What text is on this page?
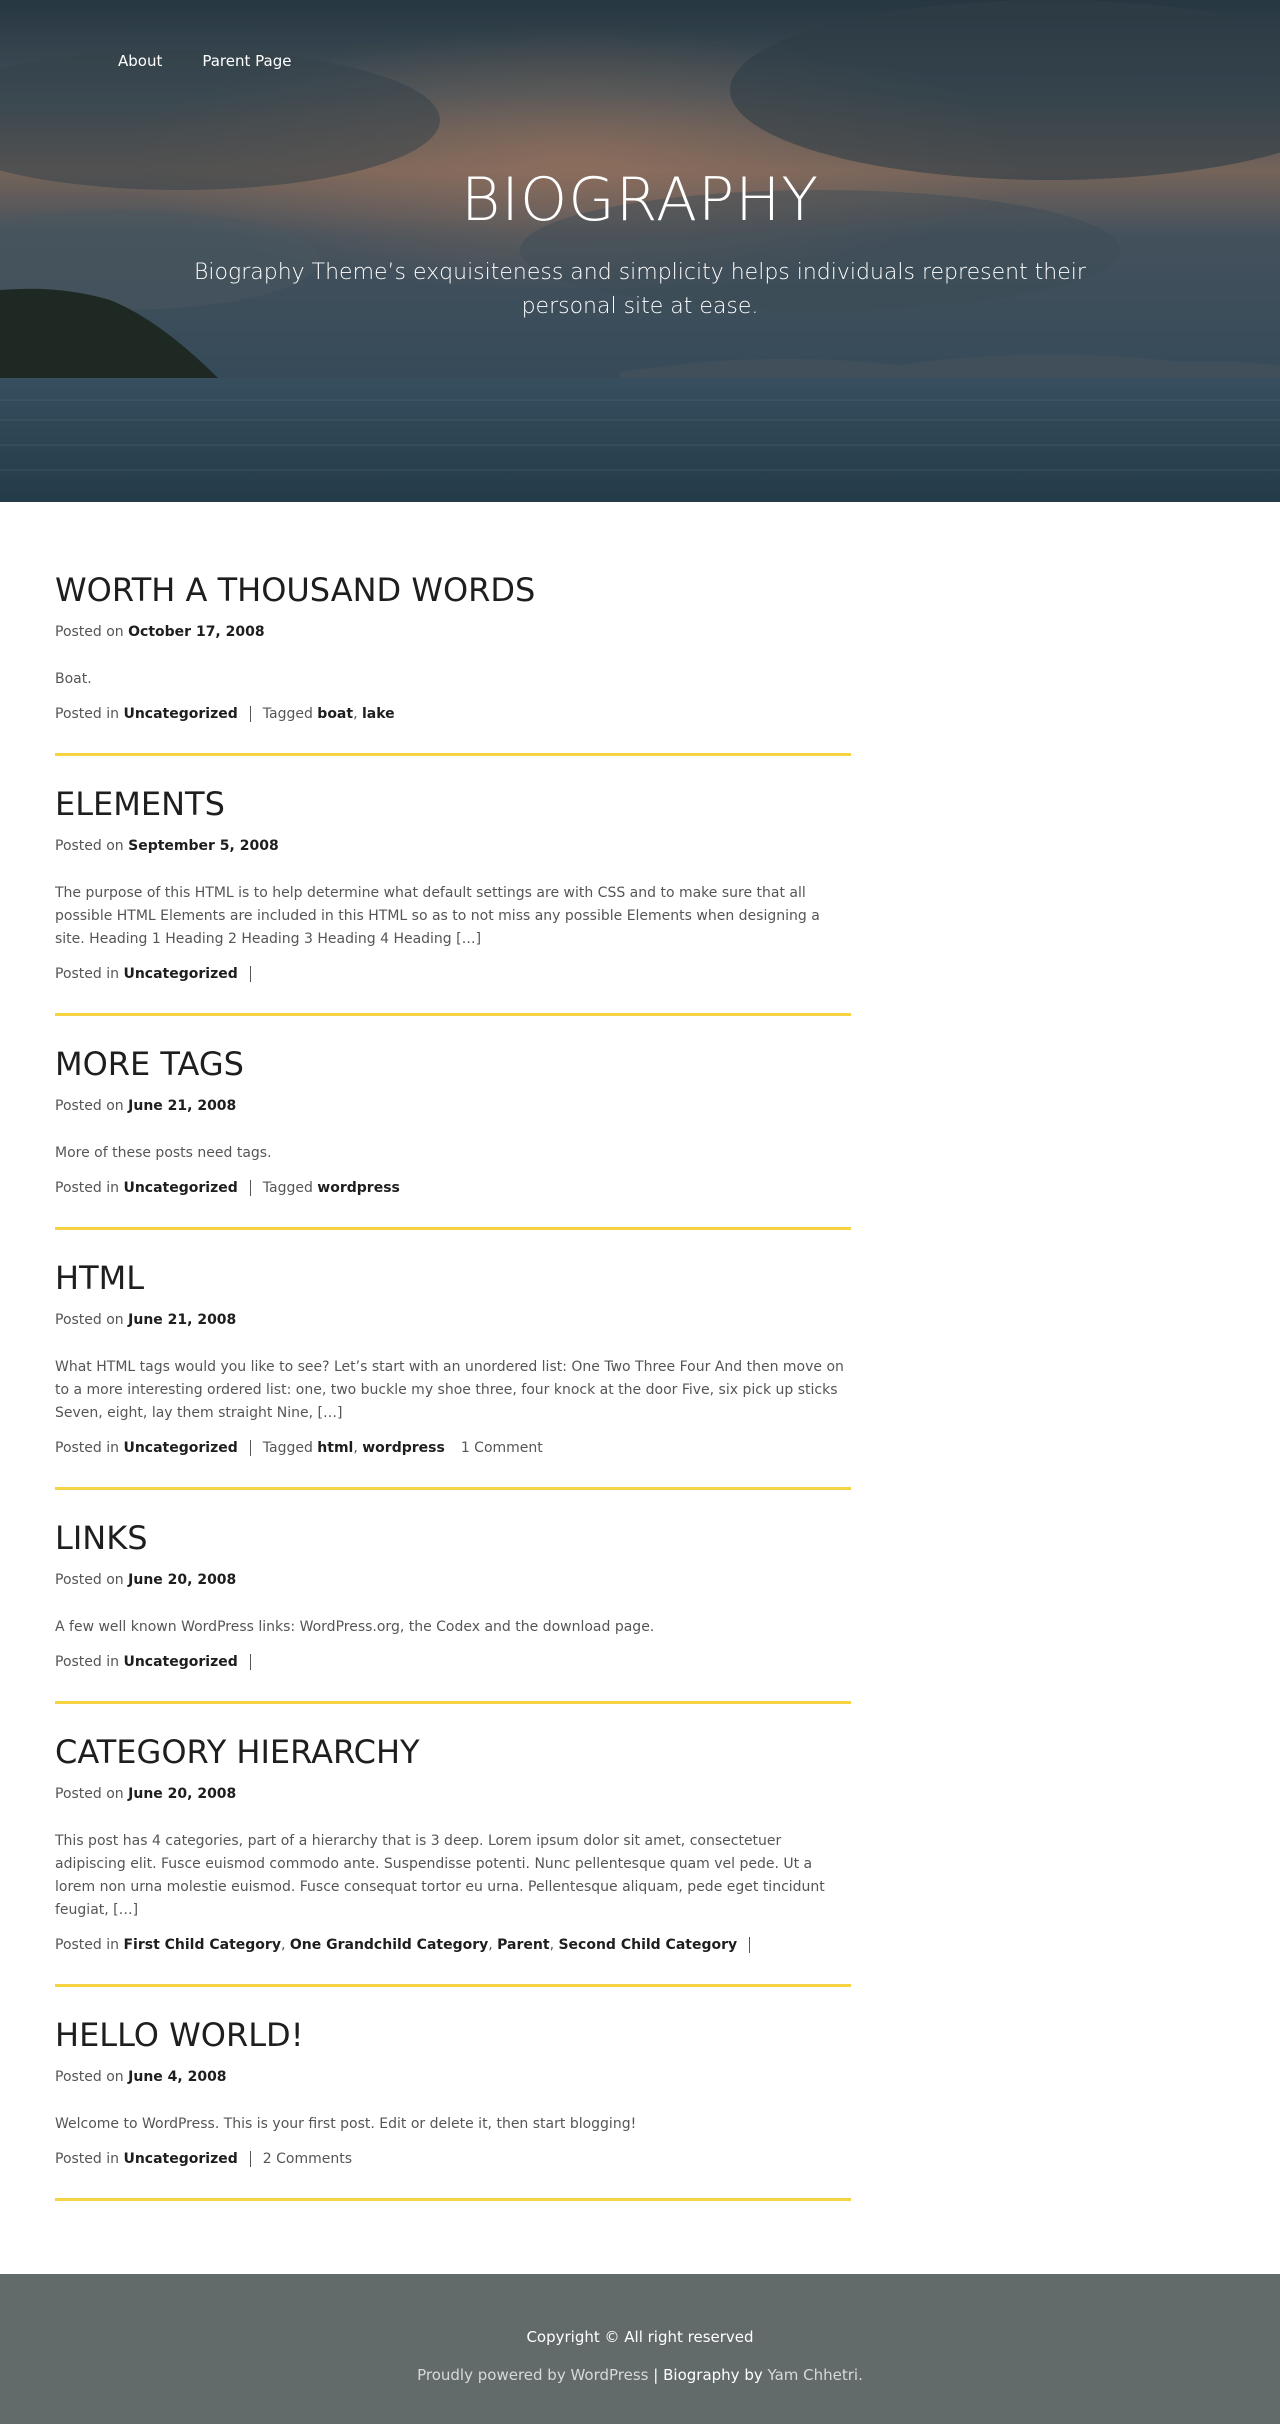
About	Parent Page
BIOGRAPHY

Biography Theme’s exquisiteness and simplicity helps individuals represent their personal site at ease.

WORTH A THOUSAND WORDS
Posted on October 17, 2008

Boat.

Posted in
Uncategorized Tagged
boat , lake
ELEMENTS
Posted on September 5, 2008

The purpose of this HTML is to help determine what default settings are with CSS and to make sure that all possible HTML Elements are included in this HTML so as to not miss any possible Elements when designing a site. Heading 1 Heading 2 Heading 3 Heading 4 Heading […]

Posted in
Uncategorized
MORE TAGS
Posted on June 21, 2008

More of these posts need tags.

Posted in
Uncategorized Tagged
wordpress
HTML
Posted on June 21, 2008

What HTML tags would you like to see? Let’s start with an unordered list: One Two Three Four And then move on to a more interesting ordered list: one, two buckle my shoe three, four knock at the door Five, six pick up sticks Seven, eight, lay them straight Nine, […]

Posted in
Uncategorized Tagged
html , wordpress 1 Comment
LINKS
Posted on June 20, 2008

A few well known WordPress links: WordPress.org, the Codex and the download page.

Posted in
Uncategorized
CATEGORY HIERARCHY
Posted on June 20, 2008

This post has 4 categories, part of a hierarchy that is 3 deep. Lorem ipsum dolor sit amet, consectetuer adipiscing elit. Fusce euismod commodo ante. Suspendisse potenti. Nunc pellentesque quam vel pede. Ut a lorem non urna molestie euismod. Fusce consequat tortor eu urna. Pellentesque aliquam, pede eget tincidunt feugiat, […]

Posted in
First Child Category , One Grandchild Category , Parent , Second Child Category
HELLO WORLD!
Posted on June 4, 2008

Welcome to WordPress. This is your first post. Edit or delete it, then start blogging!

Posted in
Uncategorized 2 Comments
Copyright © All right reserved
Proudly powered by WordPress | Biography by Yam Chhetri.
